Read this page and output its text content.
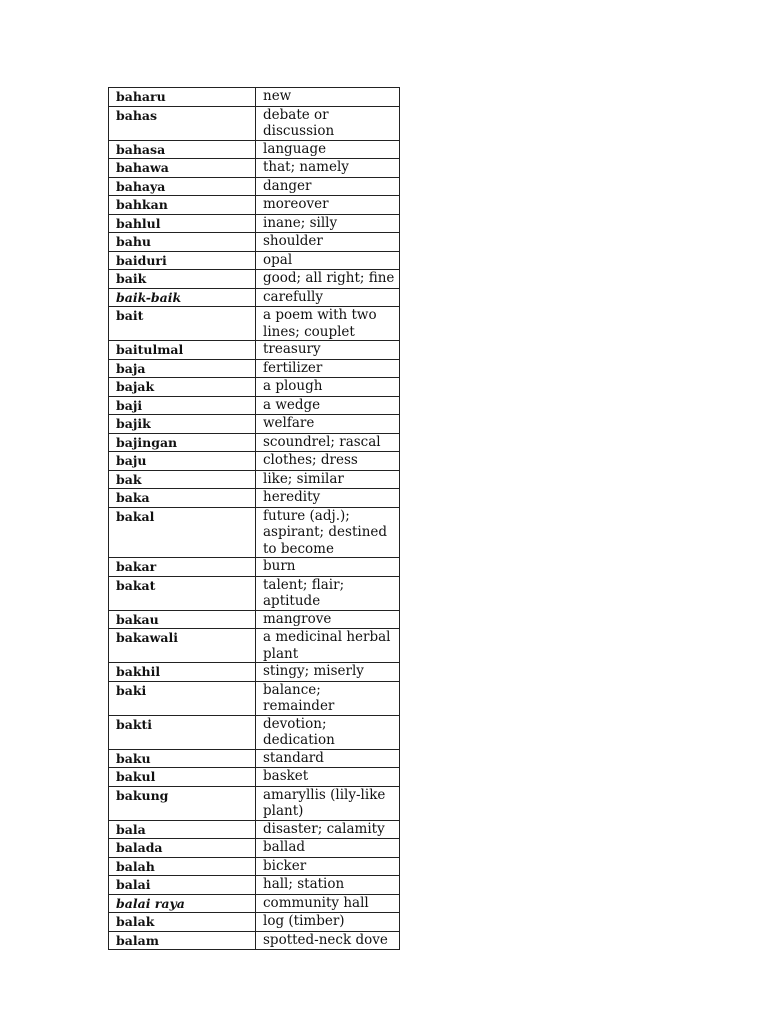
baharu	new
bahas	debate or discussion
bahasa	language
bahawa	that; namely
bahaya	danger
bahkan	moreover
bahlul	inane; silly
bahu	shoulder
baiduri	opal
baik	good; all right; fine
baik-baik	carefully
bait	a poem with two lines; couplet
baitulmal	treasury
baja	fertilizer
bajak	a plough
baji	a wedge
bajik	welfare
bajingan	scoundrel; rascal
baju	clothes; dress
bak	like; similar
baka	heredity
bakal	future (adj.); aspirant; destined to become
bakar	burn
bakat	talent; flair; aptitude
bakau	mangrove
bakawali	a medicinal herbal plant
bakhil	stingy; miserly
baki	balance; remainder
bakti	devotion; dedication
baku	standard
bakul	basket
bakung	amaryllis (lily-like plant)
bala	disaster; calamity
balada	ballad
balah	bicker
balai	hall; station
balai raya	community hall
balak	log (timber)
balam	spotted-neck dove
